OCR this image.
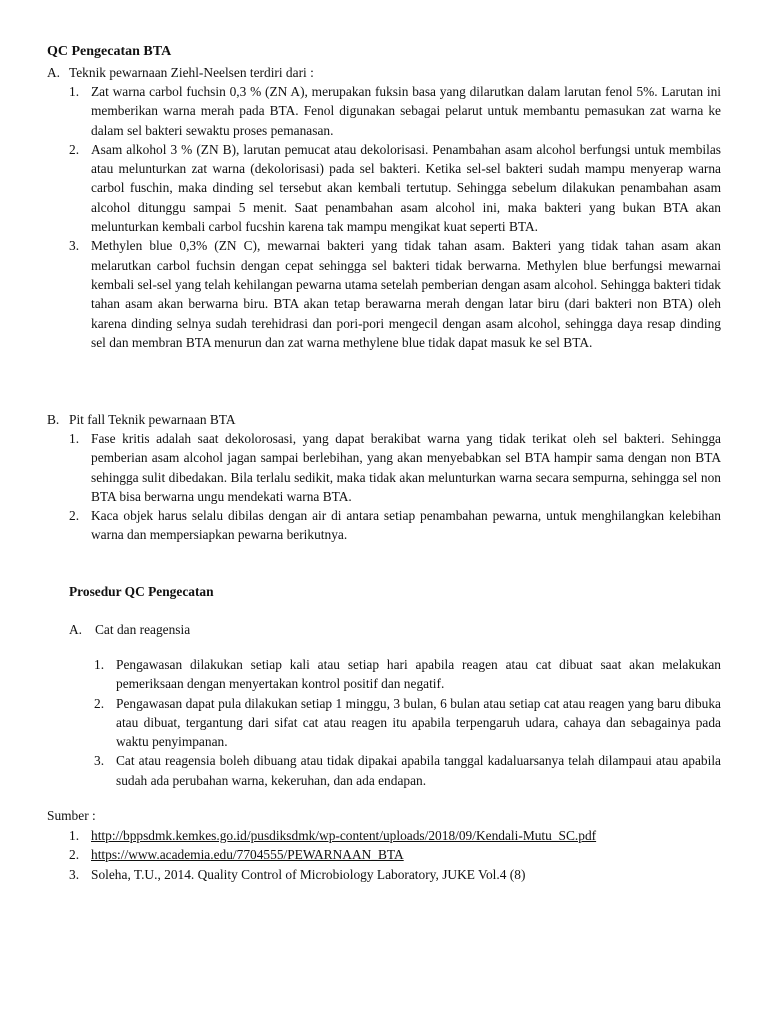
QC Pengecatan BTA

A. Teknik pewarnaan Ziehl-Neelsen terdiri dari :
1. Zat warna carbol fuchsin 0,3 % (ZN A), merupakan fuksin basa yang dilarutkan dalam larutan fenol 5%. Larutan ini memberikan warna merah pada BTA. Fenol digunakan sebagai pelarut untuk membantu pemasukan zat warna ke dalam sel bakteri sewaktu proses pemanasan.
2. Asam alkohol 3 % (ZN B), larutan pemucat atau dekolorisasi. Penambahan asam alcohol berfungsi untuk membilas atau melunturkan zat warna (dekolorisasi) pada sel bakteri. Ketika sel-sel bakteri sudah mampu menyerap warna carbol fuschin, maka dinding sel tersebut akan kembali tertutup. Sehingga sebelum dilakukan penambahan asam alcohol ditunggu sampai 5 menit. Saat penambahan asam alcohol ini, maka bakteri yang bukan BTA akan melunturkan kembali carbol fucshin karena tak mampu mengikat kuat seperti BTA.
3. Methylen blue 0,3% (ZN C), mewarnai bakteri yang tidak tahan asam. Bakteri yang tidak tahan asam akan melarutkan carbol fuchsin dengan cepat sehingga sel bakteri tidak berwarna. Methylen blue berfungsi mewarnai kembali sel-sel yang telah kehilangan pewarna utama setelah pemberian dengan asam alcohol. Sehingga bakteri tidak tahan asam akan berwarna biru. BTA akan tetap berawarna merah dengan latar biru (dari bakteri non BTA) oleh karena dinding selnya sudah terehidrasi dan pori-pori mengecil dengan asam alcohol, sehingga daya resap dinding sel dan membran BTA menurun dan zat warna methylene blue tidak dapat masuk ke sel BTA.
B. Pit fall Teknik pewarnaan BTA
1. Fase kritis adalah saat dekolorosasi, yang dapat berakibat warna yang tidak terikat oleh sel bakteri. Sehingga pemberian asam alcohol jagan sampai berlebihan, yang akan menyebabkan sel BTA hampir sama dengan non BTA sehingga sulit dibedakan. Bila terlalu sedikit, maka tidak akan melunturkan warna secara sempurna, sehingga sel non BTA bisa berwarna ungu mendekati warna BTA.
2. Kaca objek harus selalu dibilas dengan air di antara setiap penambahan pewarna, untuk menghilangkan kelebihan warna dan mempersiapkan pewarna berikutnya.

Prosedur QC Pengecatan

A. Cat dan reagensia
1. Pengawasan dilakukan setiap kali atau setiap hari apabila reagen atau cat dibuat saat akan melakukan pemeriksaan dengan menyertakan kontrol positif dan negatif.
2. Pengawasan dapat pula dilakukan setiap 1 minggu, 3 bulan, 6 bulan atau setiap cat atau reagen yang baru dibuka atau dibuat, tergantung dari sifat cat atau reagen itu apabila terpengaruh udara, cahaya dan sebagainya pada waktu penyimpanan.
3. Cat atau reagensia boleh dibuang atau tidak dipakai apabila tanggal kadaluarsanya telah dilampaui atau apabila sudah ada perubahan warna, kekeruhan, dan ada endapan.
Sumber :
1. http://bppsdmk.kemkes.go.id/pusdiksdmk/wp-content/uploads/2018/09/Kendali-Mutu_SC.pdf
2. https://www.academia.edu/7704555/PEWARNAAN_BTA
3. Soleha, T.U., 2014. Quality Control of Microbiology Laboratory, JUKE Vol.4 (8)
